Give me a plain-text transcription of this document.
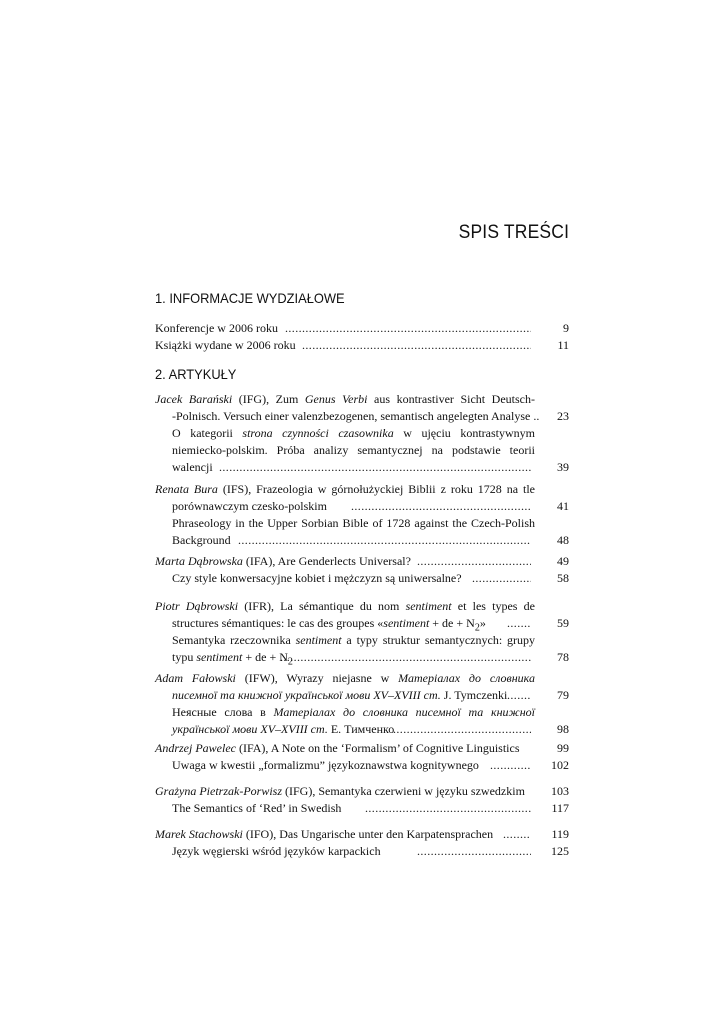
SPIS TREŚCI
1. INFORMACJE WYDZIAŁOWE
Konferencje w 2006 roku .....	9
Książki wydane w 2006 roku .....	11
2. ARTYKUŁY
Jacek Barański (IFG), Zum Genus Verbi aus kontrastiver Sicht Deutsch-
-Polnisch. Versuch einer valenzbezogenen, semantisch angelegten Analyse .. 23
O kategorii strona czynności czasownika w ujęciu kontrastywnym
niemiecko-polskim. Próba analizy semantycznej na podstawie teorii
walencji .....	39
Renata Bura (IFS), Frazeologia w górnołużyckiej Biblii z roku 1728 na tle
porównawczym czesko-polskim .....	41
Phraseology in the Upper Sorbian Bible of 1728 against the Czech-Polish
Background .....	48
Marta Dąbrowska (IFA), Are Genderlects Universal? .....	49
Czy style konwersacyjne kobiet i mężczyzn są uniwersalne? .....	58
Piotr Dąbrowski (IFR), La sémantique du nom sentiment et les types de
structures sémantiques: le cas des groupes «sentiment + de + $N_2$» .....	59
Semantyka rzeczownika sentiment a typy struktur semantycznych: grupy
typu sentiment + de + $N_2$ .....	78
Adam Fałowski (IFW), Wyrazy niejasne w Матеріалах до словника
писемної та книжної української мови XV–XVIII ст. J. Tymczenki .....	79
Неясные слова в Матеріалах до словника писемної та книжної
української мови XV–XVIII ст. Е. Тимченко .....	98
Andrzej Pawelec (IFA), A Note on the ‘Formalism’ of Cognitive Linguistics	99
Uwaga w kwestii „formalizmu” językoznawstwa kognitywnego .....	102
Grażyna Pietrzak-Porwisz (IFG), Semantyka czerwieni w języku szwedzkim 103
The Semantics of ‘Red’ in Swedish .....	117
Marek Stachowski (IFO), Das Ungarische unter den Karpatensprachen .....	119
Język węgierski wśród języków karpackich .....	125
